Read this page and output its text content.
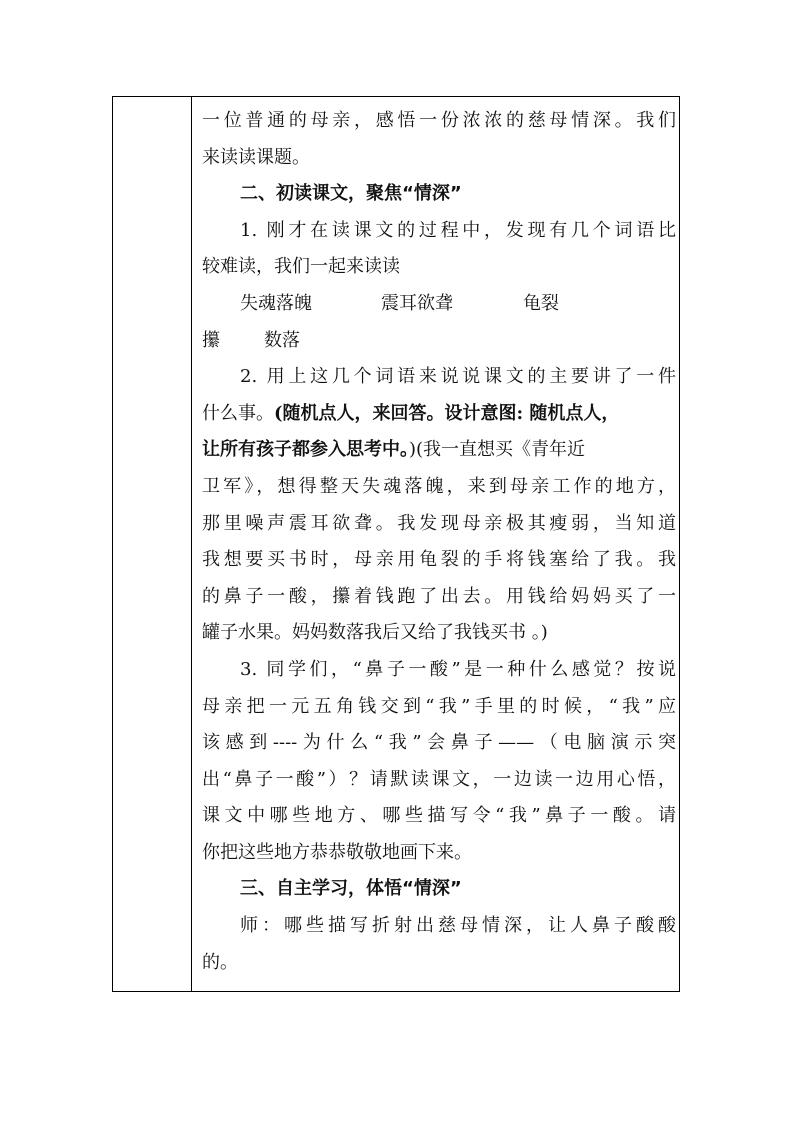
一位普通的母亲，感悟一份浓浓的慈母情深。我们
来读读课题。
二、初读课文，聚焦“情深”
1. 刚才在读课文的过程中，发现有几个词语比
较难读，我们一起来读读
失魂落魄	震耳欲聋	龟裂
攥 数落
2. 用上这几个词语来说说课文的主要讲了一件
什么事。(随机点人，来回答。设计意图: 随机点人，
让所有孩子都参入思考中。)(我一直想买《青年近
卫军》，想得整天失魂落魄，来到母亲工作的地方，
那里噪声震耳欲聋。我发现母亲极其瘦弱，当知道
我想要买书时，母亲用龟裂的手将钱塞给了我。我
的鼻子一酸，攥着钱跑了出去。用钱给妈妈买了一
罐子水果。妈妈数落我后又给了我钱买书 。)
3. 同学们，“鼻子一酸”是一种什么感觉？按说
母亲把一元五角钱交到“我”手里的时候，“我”应
该感到----为什么“我”会鼻子——（电脑演示突
出“鼻子一酸”）？请默读课文，一边读一边用心悟，
课文中哪些地方、哪些描写令“我”鼻子一酸。请
你把这些地方恭恭敬敬地画下来。
三、自主学习，体悟“情深”
师：哪些描写折射出慈母情深，让人鼻子酸酸
的。
